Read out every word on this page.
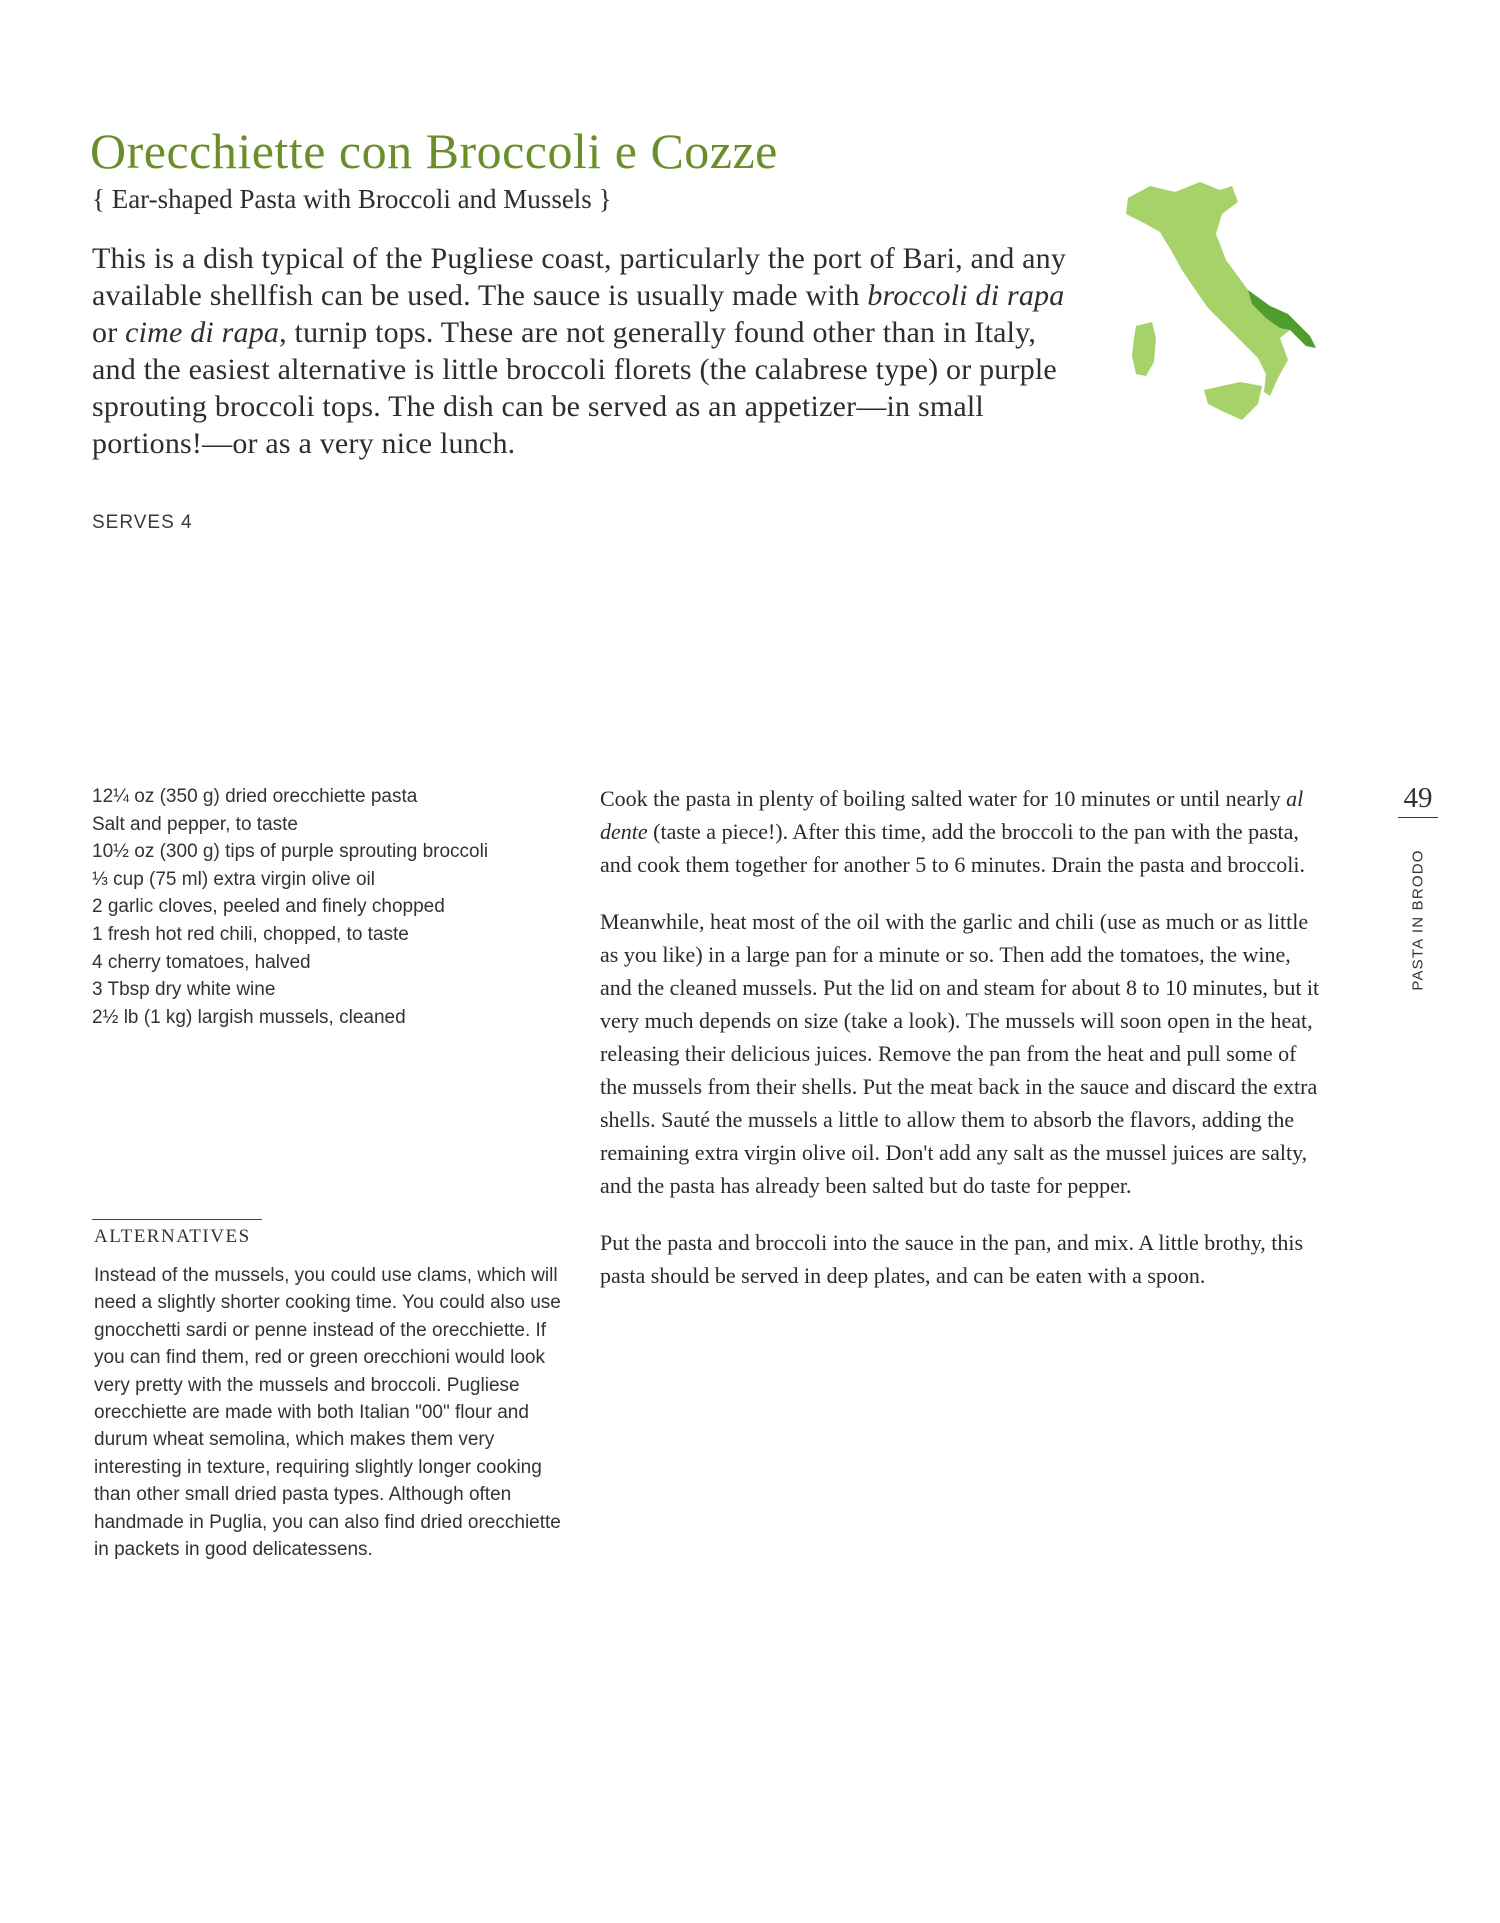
Orecchiette con Broccoli e Cozze
{ Ear-shaped Pasta with Broccoli and Mussels }

This is a dish typical of the Pugliese coast, particularly the port of Bari, and any available shellfish can be used. The sauce is usually made with broccoli di rapa or cime di rapa, turnip tops. These are not generally found other than in Italy, and the easiest alternative is little broccoli florets (the calabrese type) or purple sprouting broccoli tops. The dish can be served as an appetizer—in small portions!—or as a very nice lunch.

SERVES 4
12¼ oz (350 g) dried orecchiette pasta
Salt and pepper, to taste
10½ oz (300 g) tips of purple sprouting broccoli
⅓ cup (75 ml) extra virgin olive oil
2 garlic cloves, peeled and finely chopped
1 fresh hot red chili, chopped, to taste
4 cherry tomatoes, halved
3 Tbsp dry white wine
2½ lb (1 kg) largish mussels, cleaned
ALTERNATIVES

Instead of the mussels, you could use clams, which will need a slightly shorter cooking time. You could also use gnocchetti sardi or penne instead of the orecchiette. If you can find them, red or green orecchioni would look very pretty with the mussels and broccoli. Pugliese orecchiette are made with both Italian "00" flour and durum wheat semolina, which makes them very interesting in texture, requiring slightly longer cooking than other small dried pasta types. Although often handmade in Puglia, you can also find dried orecchiette in packets in good delicatessens.

Cook the pasta in plenty of boiling salted water for 10 minutes or until nearly al dente (taste a piece!). After this time, add the broccoli to the pan with the pasta, and cook them together for another 5 to 6 minutes. Drain the pasta and broccoli.

Meanwhile, heat most of the oil with the garlic and chili (use as much or as little as you like) in a large pan for a minute or so. Then add the tomatoes, the wine, and the cleaned mussels. Put the lid on and steam for about 8 to 10 minutes, but it very much depends on size (take a look). The mussels will soon open in the heat, releasing their delicious juices. Remove the pan from the heat and pull some of the mussels from their shells. Put the meat back in the sauce and discard the extra shells. Sauté the mussels a little to allow them to absorb the flavors, adding the remaining extra virgin olive oil. Don't add any salt as the mussel juices are salty, and the pasta has already been salted but do taste for pepper.

Put the pasta and broccoli into the sauce in the pan, and mix. A little brothy, this pasta should be served in deep plates, and can be eaten with a spoon.

49
PASTA IN BRODO
